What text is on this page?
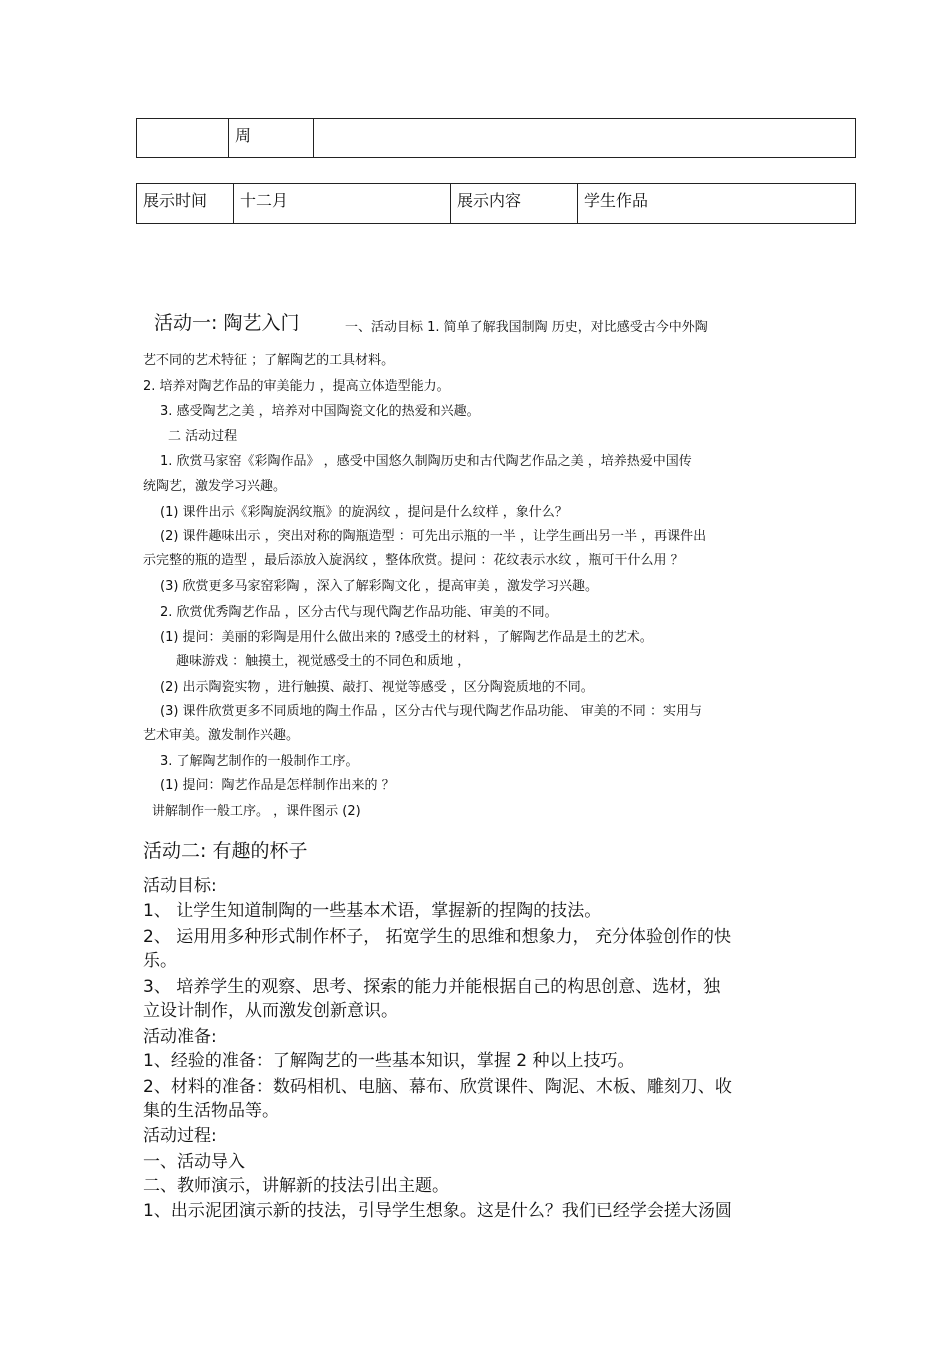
周

展示时间	十二月	展示内容	学生作品
活动一: 陶艺入门	一、活动目标 1. 简单了解我国制陶 历史，对比感受古今中外陶
艺不同的艺术特征 ；了解陶艺的工具材料。
2. 培养对陶艺作品的审美能力 ，提高立体造型能力。
3. 感受陶艺之美 ，培养对中国陶瓷文化的热爱和兴趣。
二 活动过程
1. 欣赏马家窑《彩陶作品》 ，感受中国悠久制陶历史和古代陶艺作品之美 ，培养热爱中国传
统陶艺，激发学习兴趣。
(1) 课件出示《彩陶旋涡纹瓶》的旋涡纹 ，提问是什么纹样 ，象什么？
(2) 课件趣味出示 ，突出对称的陶瓶造型 ：可先出示瓶的一半 ，让学生画出另一半 ，再课件出
示完整的瓶的造型 ，最后添放入旋涡纹 ，整体欣赏。提问 ：花纹表示水纹 ，瓶可干什么用 ？
(3) 欣赏更多马家窑彩陶 ，深入了解彩陶文化 ，提高审美 ，激发学习兴趣。
2. 欣赏优秀陶艺作品 ，区分古代与现代陶艺作品功能、审美的不同。
(1) 提问：美丽的彩陶是用什么做出来的 ?感受土的材料 ，了解陶艺作品是土的艺术。
趣味游戏 ：触摸土，视觉感受土的不同色和质地 ，
(2) 出示陶瓷实物 ，进行触摸、敲打、视觉等感受 ，区分陶瓷质地的不同。
(3) 课件欣赏更多不同质地的陶土作品 ，区分古代与现代陶艺作品功能、 审美的不同 ：实用与
艺术审美。激发制作兴趣。
3. 了解陶艺制作的一般制作工序。
(1) 提问：陶艺作品是怎样制作出来的 ？
讲解制作一般工序。 ，课件图示 (2)
活动二: 有趣的杯子
活动目标:
1、 让学生知道制陶的一些基本术语，掌握新的捏陶的技法。
2、 运用用多种形式制作杯子， 拓宽学生的思维和想象力， 充分体验创作的快
乐。
3、 培养学生的观察、思考、探索的能力并能根据自己的构思创意、选材，独
立设计制作，从而激发创新意识。
活动准备:
1、经验的准备：了解陶艺的一些基本知识，掌握 2 种以上技巧。
2、材料的准备：数码相机、电脑、幕布、欣赏课件、陶泥、木板、雕刻刀、收
集的生活物品等。
活动过程:
一、活动导入
二、教师演示，讲解新的技法引出主题。
1、出示泥团演示新的技法，引导学生想象。这是什么？我们已经学会搓大汤圆
